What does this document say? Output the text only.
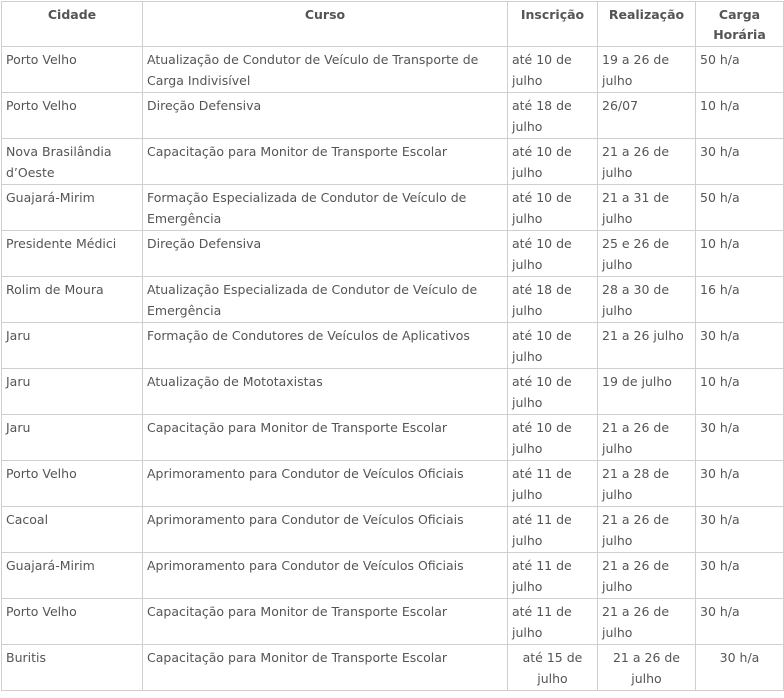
Cidade	Curso	Inscrição	Realização	Carga Horária
Porto Velho	Atualização de Condutor de Veículo de Transporte de Carga Indivisível	até 10 de julho	19 a 26 de julho	50 h/a
Porto Velho	Direção Defensiva	até 18 de julho	26/07	10 h/a
Nova Brasilândia d’Oeste	Capacitação para Monitor de Transporte Escolar	até 10 de julho	21 a 26 de julho	30 h/a
Guajará-Mirim	Formação Especializada de Condutor de Veículo de Emergência	até 10 de julho	21 a 31 de julho	50 h/a
Presidente Médici	Direção Defensiva	até 10 de julho	25 e 26 de julho	10 h/a
Rolim de Moura	Atualização Especializada de Condutor de Veículo de Emergência	até 18 de julho	28 a 30 de julho	16 h/a
Jaru	Formação de Condutores de Veículos de Aplicativos	até 10 de julho	21 a 26 julho	30 h/a
Jaru	Atualização de Mototaxistas	até 10 de julho	19 de julho	10 h/a
Jaru	Capacitação para Monitor de Transporte Escolar	até 10 de julho	21 a 26 de julho	30 h/a
Porto Velho	Aprimoramento para Condutor de Veículos Oficiais	até 11 de julho	21 a 28 de julho	30 h/a
Cacoal	Aprimoramento para Condutor de Veículos Oficiais	até 11 de julho	21 a 26 de julho	30 h/a
Guajará-Mirim	Aprimoramento para Condutor de Veículos Oficiais	até 11 de julho	21 a 26 de julho	30 h/a
Porto Velho	Capacitação para Monitor de Transporte Escolar	até 11 de julho	21 a 26 de julho	30 h/a
Buritis	Capacitação para Monitor de Transporte Escolar	até 15 de julho	21 a 26 de julho	30 h/a
